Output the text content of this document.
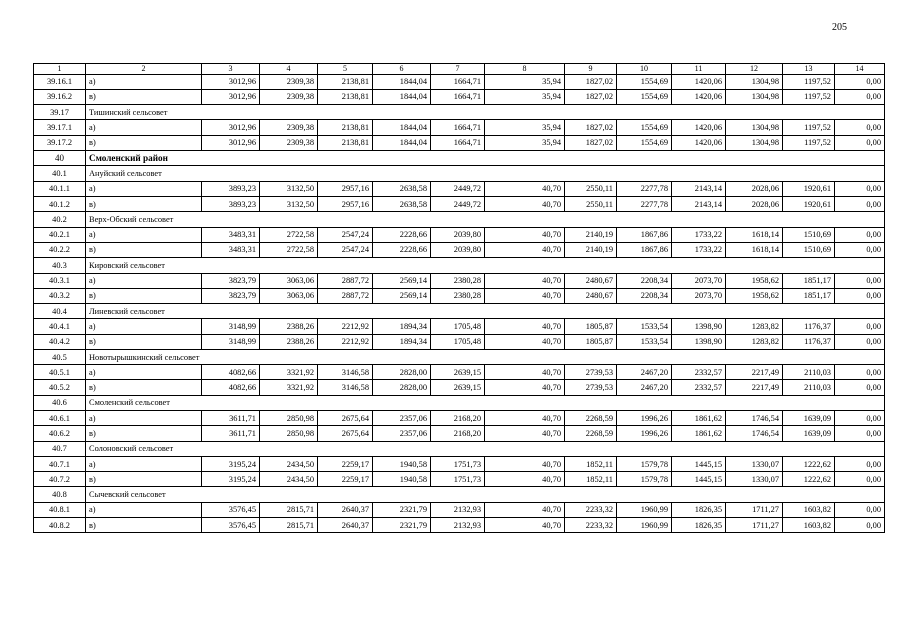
205
1	2	3	4	5	6	7	8	9	10	11	12	13	14
39.16.1	а)	3012,96	2309,38	2138,81	1844,04	1664,71	35,94	1827,02	1554,69	1420,06	1304,98	1197,52	0,00
39.16.2	в)	3012,96	2309,38	2138,81	1844,04	1664,71	35,94	1827,02	1554,69	1420,06	1304,98	1197,52	0,00
39.17	Тишинский сельсовет												
39.17.1	а)	3012,96	2309,38	2138,81	1844,04	1664,71	35,94	1827,02	1554,69	1420,06	1304,98	1197,52	0,00
39.17.2	в)	3012,96	2309,38	2138,81	1844,04	1664,71	35,94	1827,02	1554,69	1420,06	1304,98	1197,52	0,00
40	Смоленский район												
40.1	Ануйский сельсовет												
40.1.1	а)	3893,23	3132,50	2957,16	2638,58	2449,72	40,70	2550,11	2277,78	2143,14	2028,06	1920,61	0,00
40.1.2	в)	3893,23	3132,50	2957,16	2638,58	2449,72	40,70	2550,11	2277,78	2143,14	2028,06	1920,61	0,00
40.2	Верх-Обский сельсовет												
40.2.1	а)	3483,31	2722,58	2547,24	2228,66	2039,80	40,70	2140,19	1867,86	1733,22	1618,14	1510,69	0,00
40.2.2	в)	3483,31	2722,58	2547,24	2228,66	2039,80	40,70	2140,19	1867,86	1733,22	1618,14	1510,69	0,00
40.3	Кировский сельсовет												
40.3.1	а)	3823,79	3063,06	2887,72	2569,14	2380,28	40,70	2480,67	2208,34	2073,70	1958,62	1851,17	0,00
40.3.2	в)	3823,79	3063,06	2887,72	2569,14	2380,28	40,70	2480,67	2208,34	2073,70	1958,62	1851,17	0,00
40.4	Линевский сельсовет												
40.4.1	а)	3148,99	2388,26	2212,92	1894,34	1705,48	40,70	1805,87	1533,54	1398,90	1283,82	1176,37	0,00
40.4.2	в)	3148,99	2388,26	2212,92	1894,34	1705,48	40,70	1805,87	1533,54	1398,90	1283,82	1176,37	0,00
40.5	Новотырышкинский сельсовет												
40.5.1	а)	4082,66	3321,92	3146,58	2828,00	2639,15	40,70	2739,53	2467,20	2332,57	2217,49	2110,03	0,00
40.5.2	в)	4082,66	3321,92	3146,58	2828,00	2639,15	40,70	2739,53	2467,20	2332,57	2217,49	2110,03	0,00
40.6	Смоленский сельсовет												
40.6.1	а)	3611,71	2850,98	2675,64	2357,06	2168,20	40,70	2268,59	1996,26	1861,62	1746,54	1639,09	0,00
40.6.2	в)	3611,71	2850,98	2675,64	2357,06	2168,20	40,70	2268,59	1996,26	1861,62	1746,54	1639,09	0,00
40.7	Солоновский сельсовет												
40.7.1	а)	3195,24	2434,50	2259,17	1940,58	1751,73	40,70	1852,11	1579,78	1445,15	1330,07	1222,62	0,00
40.7.2	в)	3195,24	2434,50	2259,17	1940,58	1751,73	40,70	1852,11	1579,78	1445,15	1330,07	1222,62	0,00
40.8	Сычевский сельсовет												
40.8.1	а)	3576,45	2815,71	2640,37	2321,79	2132,93	40,70	2233,32	1960,99	1826,35	1711,27	1603,82	0,00
40.8.2	в)	3576,45	2815,71	2640,37	2321,79	2132,93	40,70	2233,32	1960,99	1826,35	1711,27	1603,82	0,00
